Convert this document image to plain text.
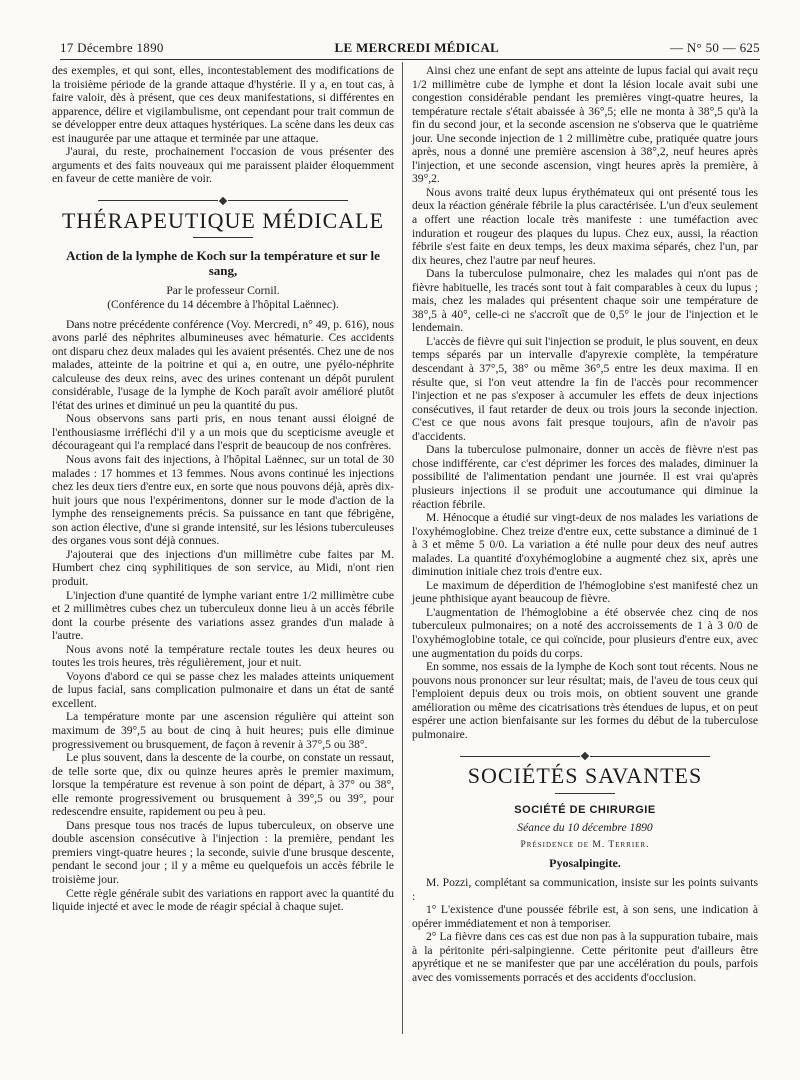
17 Décembre 1890	LE MERCREDI MÉDICAL	— N° 50 — 625

des exemples, et qui sont, elles, incontestablement des modifications de la troisième période de la grande attaque d'hystérie. Il y a, en tout cas, à faire valoir, dès à présent, que ces deux manifestations, si différentes en apparence, délire et vigilambulisme, ont cependant pour trait commun de se développer entre deux attaques hystériques. La scène dans les deux cas est inaugurée par une attaque et terminée par une attaque.

J'aurai, du reste, prochainement l'occasion de vous présenter des arguments et des faits nouveaux qui me paraissent plaider éloquemment en faveur de cette manière de voir.

THÉRAPEUTIQUE MÉDICALE
Action de la lymphe de Koch sur la température et sur le sang,

Par le professeur Cornil.

(Conférence du 14 décembre à l'hôpital Laënnec).

Dans notre précédente conférence (Voy. Mercredi, n° 49, p. 616), nous avons parlé des néphrites albumineuses avec hématurie. Ces accidents ont disparu chez deux malades qui les avaient présentés. Chez une de nos malades, atteinte de la poitrine et qui a, en outre, une pyélo-néphrite calculeuse des deux reins, avec des urines contenant un dépôt purulent considérable, l'usage de la lymphe de Koch paraît avoir amélioré plutôt l'état des urines et diminué un peu la quantité du pus.

Nous observons sans parti pris, en nous tenant aussi éloigné de l'enthousiasme irréfléchi d'il y a un mois que du scepticisme aveugle et décourageant qui l'a remplacé dans l'esprit de beaucoup de nos confrères.

Nous avons fait des injections, à l'hôpital Laënnec, sur un total de 30 malades : 17 hommes et 13 femmes. Nous avons continué les injections chez les deux tiers d'entre eux, en sorte que nous pouvons déjà, après dix-huit jours que nous l'expérimentons, donner sur le mode d'action de la lymphe des renseignements précis. Sa puissance en tant que fébrigène, son action élective, d'une si grande intensité, sur les lésions tuberculeuses des organes vous sont déjà connues.

J'ajouterai que des injections d'un millimètre cube faites par M. Humbert chez cinq syphilitiques de son service, au Midi, n'ont rien produit.

L'injection d'une quantité de lymphe variant entre 1/2 millimètre cube et 2 millimètres cubes chez un tuberculeux donne lieu à un accès fébrile dont la courbe présente des variations assez grandes d'un malade à l'autre.

Nous avons noté la température rectale toutes les deux heures ou toutes les trois heures, très régulièrement, jour et nuit.

Voyons d'abord ce qui se passe chez les malades atteints uniquement de lupus facial, sans complication pulmonaire et dans un état de santé excellent.

La température monte par une ascension régulière qui atteint son maximum de 39°,5 au bout de cinq à huit heures; puis elle diminue progressivement ou brusquement, de façon à revenir à 37°,5 ou 38°.

Le plus souvent, dans la descente de la courbe, on constate un ressaut, de telle sorte que, dix ou quinze heures après le premier maximum, lorsque la température est revenue à son point de départ, à 37° ou 38°, elle remonte progressivement ou brusquement à 39°,5 ou 39°, pour redescendre ensuite, rapidement ou peu à peu.

Dans presque tous nos tracés de lupus tuberculeux, on observe une double ascension consécutive à l'injection : la première, pendant les premiers vingt-quatre heures ; la seconde, suivie d'une brusque descente, pendant le second jour ; il y a même eu quelquefois un accès fébrile le troisième jour.

Cette règle générale subit des variations en rapport avec la quantité du liquide injecté et avec le mode de réagir spécial à chaque sujet.

Ainsi chez une enfant de sept ans atteinte de lupus facial qui avait reçu 1/2 millimètre cube de lymphe et dont la lésion locale avait subi une congestion considérable pendant les premières vingt-quatre heures, la température rectale s'était abaissée à 36°,5; elle ne monta à 38°,5 qu'à la fin du second jour, et la seconde ascension ne s'observa que le quatrième jour. Une seconde injection de 1 2 millimètre cube, pratiquée quatre jours après, nous a donné une première ascension à 38°,2, neuf heures après l'injection, et une seconde ascension, vingt heures après la première, à 39°,2.

Nous avons traité deux lupus érythémateux qui ont présenté tous les deux la réaction générale fébrile la plus caractérisée. L'un d'eux seulement a offert une réaction locale très manifeste : une tuméfaction avec induration et rougeur des plaques du lupus. Chez eux, aussi, la réaction fébrile s'est faite en deux temps, les deux maxima séparés, chez l'un, par dix heures, chez l'autre par neuf heures.

Dans la tuberculose pulmonaire, chez les malades qui n'ont pas de fièvre habituelle, les tracés sont tout à fait comparables à ceux du lupus ; mais, chez les malades qui présentent chaque soir une température de 38°,5 à 40°, celle-ci ne s'accroît que de 0,5° le jour de l'injection et le lendemain.

L'accès de fièvre qui suit l'injection se produit, le plus souvent, en deux temps séparés par un intervalle d'apyrexie complète, la température descendant à 37°,5, 38° ou même 36°,5 entre les deux maxima. Il en résulte que, si l'on veut attendre la fin de l'accès pour recommencer l'injection et ne pas s'exposer à accumuler les effets de deux injections consécutives, il faut retarder de deux ou trois jours la seconde injection. C'est ce que nous avons fait presque toujours, afin de n'avoir pas d'accidents.

Dans la tuberculose pulmonaire, donner un accès de fièvre n'est pas chose indifférente, car c'est déprimer les forces des malades, diminuer la possibilité de l'alimentation pendant une journée. Il est vrai qu'après plusieurs injections il se produit une accoutumance qui diminue la réaction fébrile.

M. Hénocque a étudié sur vingt-deux de nos malades les variations de l'oxyhémoglobine. Chez treize d'entre eux, cette substance a diminué de 1 à 3 et même 5 0/0. La variation a été nulle pour deux des neuf autres malades. La quantité d'oxyhémoglobine a augmenté chez six, après une diminution initiale chez trois d'entre eux.

Le maximum de déperdition de l'hémoglobine s'est manifesté chez un jeune phthisique ayant beaucoup de fièvre.

L'augmentation de l'hémoglobine a été observée chez cinq de nos tuberculeux pulmonaires; on a noté des accroissements de 1 à 3 0/0 de l'oxyhémoglobine totale, ce qui coïncide, pour plusieurs d'entre eux, avec une augmentation du poids du corps.

En somme, nos essais de la lymphe de Koch sont tout récents. Nous ne pouvons nous prononcer sur leur résultat; mais, de l'aveu de tous ceux qui l'emploient depuis deux ou trois mois, on obtient souvent une grande amélioration ou même des cicatrisations très étendues de lupus, et on peut espérer une action bienfaisante sur les formes du début de la tuberculose pulmonaire.

SOCIÉTÉS SAVANTES
SOCIÉTÉ DE CHIRURGIE

Séance du 10 décembre 1890

Présidence de M. Terrier.
Pyosalpingite.

M. Pozzi, complétant sa communication, insiste sur les points suivants :

1° L'existence d'une poussée fébrile est, à son sens, une indication à opérer immédiatement et non à temporiser.

2° La fièvre dans ces cas est due non pas à la suppuration tubaire, mais à la péritonite péri-salpingienne. Cette péritonite peut d'ailleurs être apyrétique et ne se manifester que par une accélération du pouls, parfois avec des vomissements porracés et des accidents d'occlusion.
